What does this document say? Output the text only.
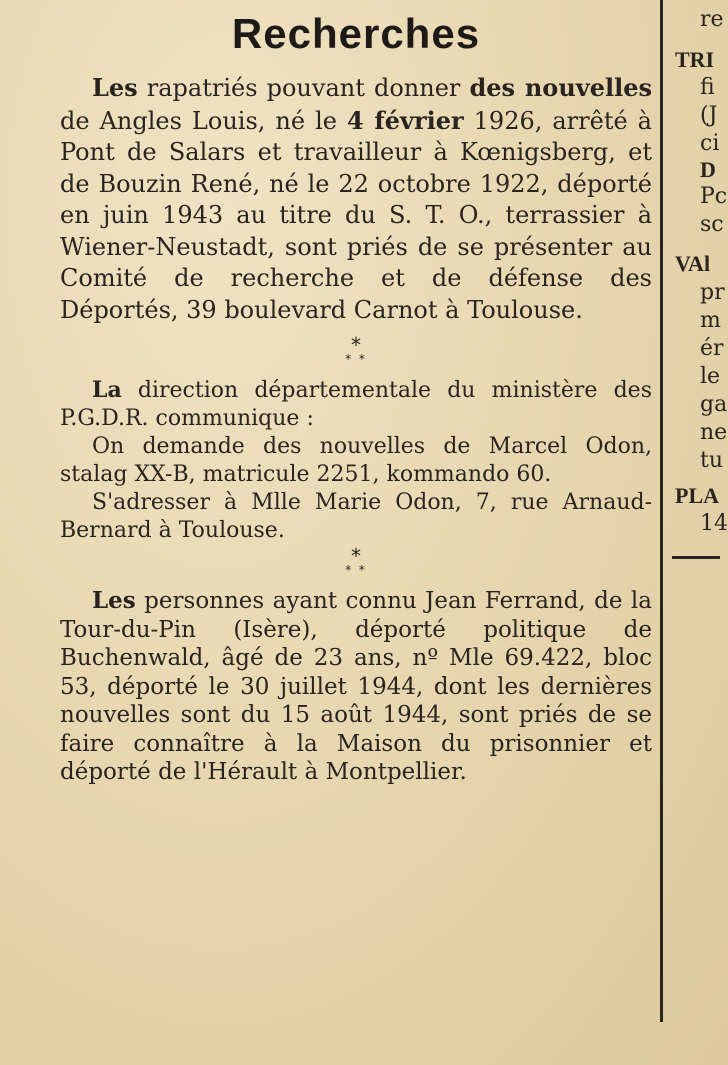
Recherches

Les rapatriés pouvant donner des nouvelles de Angles Louis, né le 4 février 1926, arrêté à Pont de Salars et travailleur à Kœnigsberg, et de Bouzin René, né le 22 octobre 1922, déporté en juin 1943 au titre du S. T. O., terrassier à Wiener-Neustadt, sont priés de se présenter au Comité de recherche et de défense des Déportés, 39 boulevard Carnot à Toulouse.

*
* *

La direction départementale du ministère des P.G.D.R. communique :

On demande des nouvelles de Marcel Odon, stalag XX-B, matricule 2251, kommando 60.

S'adresser à Mlle Marie Odon, 7, rue Arnaud-Bernard à Toulouse.

*
* *

Les personnes ayant connu Jean Ferrand, de la Tour-du-Pin (Isère), déporté politique de Buchenwald, âgé de 23 ans, nº Mle 69.422, bloc 53, déporté le 30 juillet 1944, dont les dernières nouvelles sont du 15 août 1944, sont priés de se faire connaître à la Maison du prisonnier et déporté de l'Hérault à Montpellier.

re
TRI
fi
(J
ci
D
Pc
sc
VAl
pr
m
ér
le
ga
ne
tu
PLA
14
